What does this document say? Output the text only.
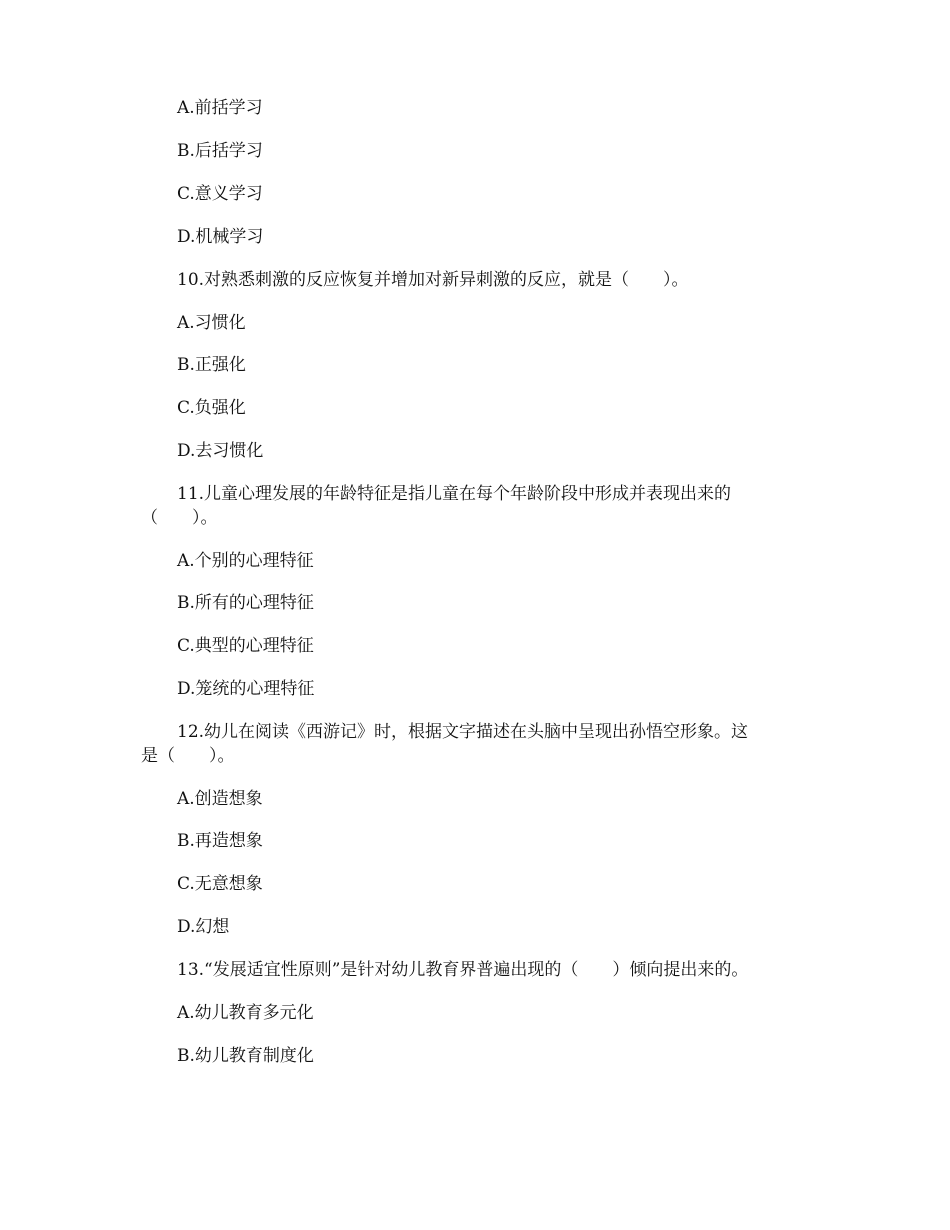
A.前括学习
B.后括学习
C.意义学习
D.机械学习
10.对熟悉刺激的反应恢复并增加对新异刺激的反应，就是（　　）。
A.习惯化
B.正强化
C.负强化
D.去习惯化
11.儿童心理发展的年龄特征是指儿童在每个年龄阶段中形成并表现出来的
（　　）。
A.个别的心理特征
B.所有的心理特征
C.典型的心理特征
D.笼统的心理特征
12.幼儿在阅读《西游记》时，根据文字描述在头脑中呈现出孙悟空形象。这
是（　　）。
A.创造想象
B.再造想象
C.无意想象
D.幻想
13.“发展适宜性原则”是针对幼儿教育界普遍出现的（　　）倾向提出来的。
A.幼儿教育多元化
B.幼儿教育制度化
